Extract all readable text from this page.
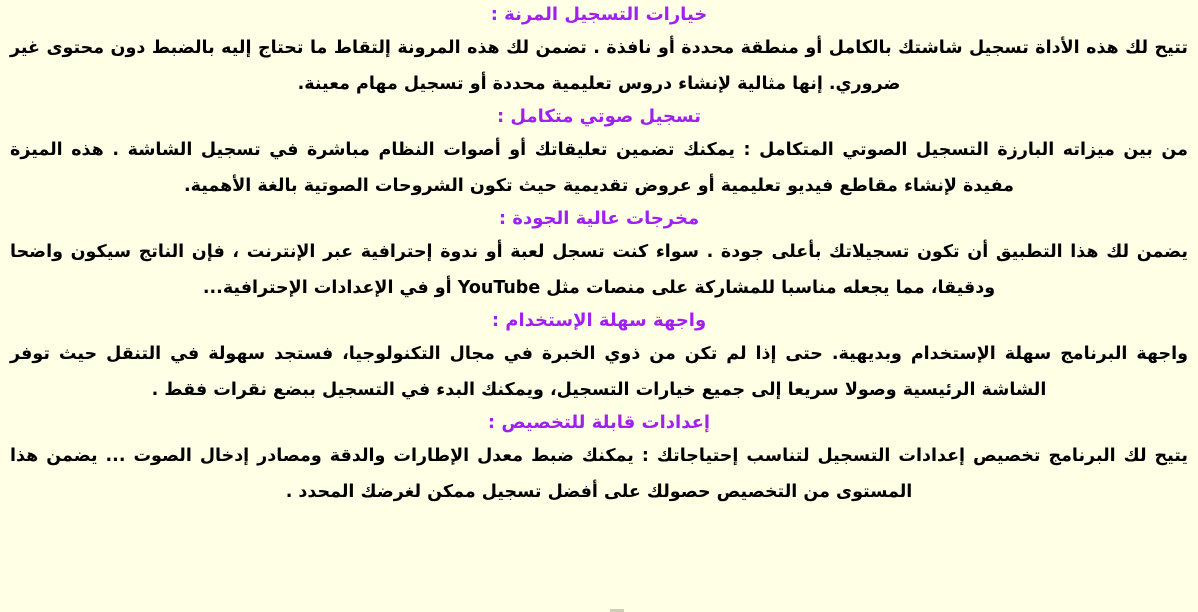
خيارات التسجيل المرنة :

تتيح لك هذه الأداة تسجيل شاشتك بالكامل أو منطقة محددة أو نافذة . تضمن لك هذه المرونة إلتقاط ما تحتاج إليه بالضبط دون محتوى غير ضروري. إنها مثالية لإنشاء دروس تعليمية محددة أو تسجيل مهام معينة.

تسجيل صوتي متكامل :

من بين ميزاته البارزة التسجيل الصوتي المتكامل : يمكنك تضمين تعليقاتك أو أصوات النظام مباشرة في تسجيل الشاشة . هذه الميزة مفيدة لإنشاء مقاطع فيديو تعليمية أو عروض تقديمية حيث تكون الشروحات الصوتية بالغة الأهمية.

مخرجات عالية الجودة :

يضمن لك هذا التطبيق أن تكون تسجيلاتك بأعلى جودة . سواء كنت تسجل لعبة أو ندوة إحترافية عبر الإنترنت ، فإن الناتج سيكون واضحا ودقيقا، مما يجعله مناسبا للمشاركة على منصات مثل YouTube أو في الإعدادات الإحترافية...

واجهة سهلة الإستخدام :

واجهة البرنامج سهلة الإستخدام وبديهية. حتى إذا لم تكن من ذوي الخبرة في مجال التكنولوجيا، فستجد سهولة في التنقل حيث توفر الشاشة الرئيسية وصولا سريعا إلى جميع خيارات التسجيل، ويمكنك البدء في التسجيل ببضع نقرات فقط .

إعدادات قابلة للتخصيص :

يتيح لك البرنامج تخصيص إعدادات التسجيل لتناسب إحتياجاتك : يمكنك ضبط معدل الإطارات والدقة ومصادر إدخال الصوت ... يضمن هذا المستوى من التخصيص حصولك على أفضل تسجيل ممكن لغرضك المحدد .
